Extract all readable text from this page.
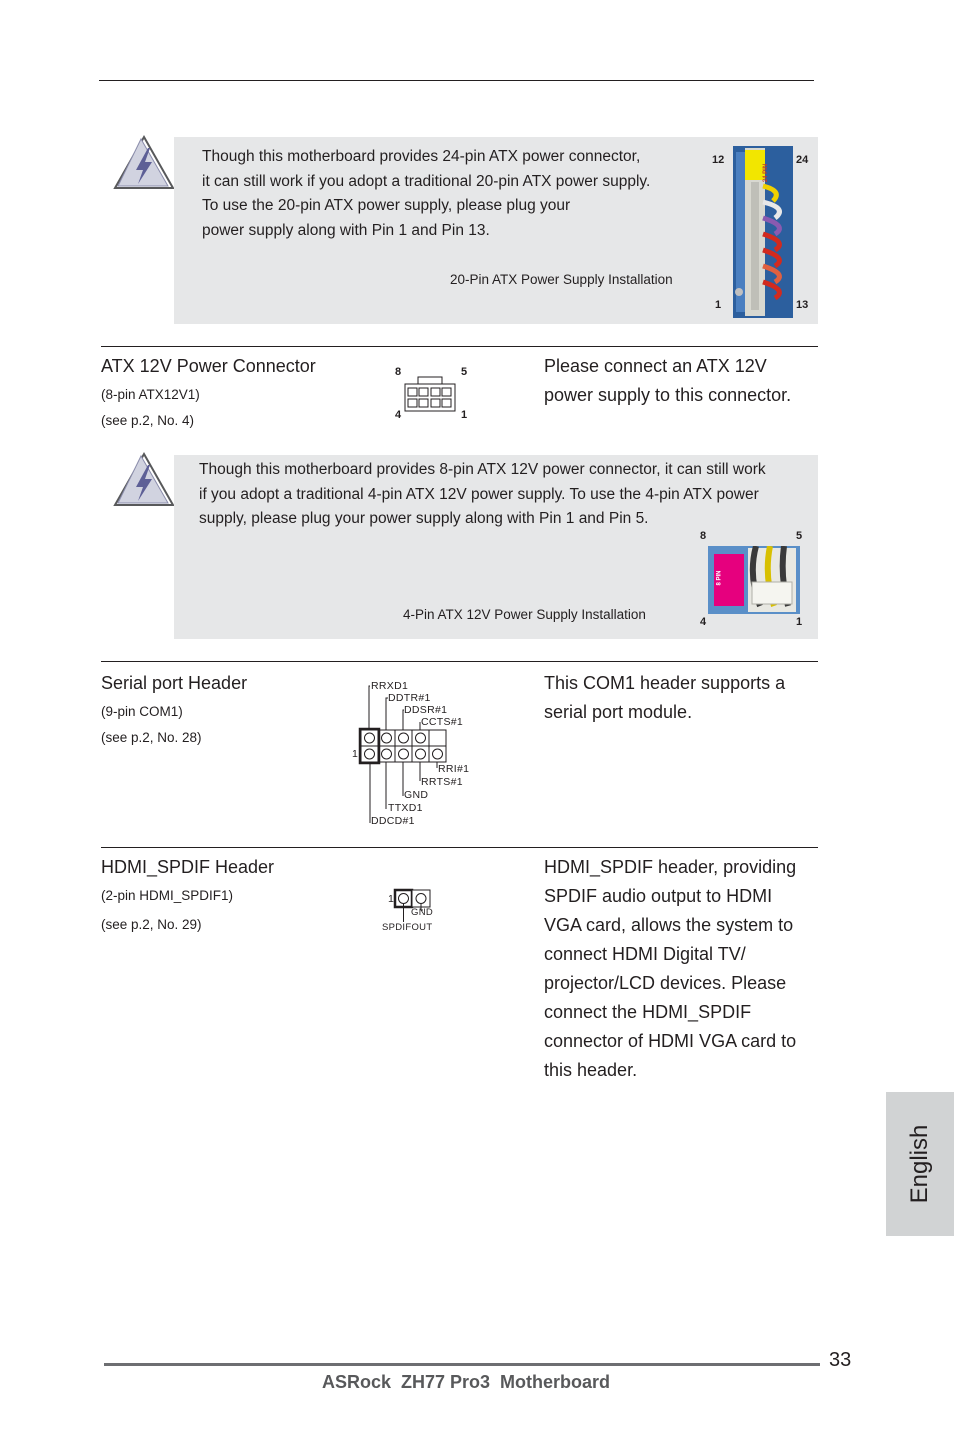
Though this motherboard provides 24-pin ATX power connector,
it can still work if you adopt a traditional 20-pin ATX power supply.
To use the 20-pin ATX power supply, please plug your
power supply along with Pin 1 and Pin 13.
20-Pin ATX Power Supply Installation
12	24
1	13
24 PIN
ATX 12V Power Connector
(8-pin ATX12V1)
(see p.2, No. 4)
8	5
4	1
Please connect an ATX 12V
power supply to this connector.
Though this motherboard provides 8-pin ATX 12V power connector, it can still work
if you adopt a traditional 4-pin ATX 12V power supply. To use the 4-pin ATX power
supply, please plug your power supply along with Pin 1 and Pin 5.
4-Pin ATX 12V Power Supply Installation
8	5
4	1
8 PIN
Serial port Header
(9-pin COM1)
(see p.2, No. 28)
1
RRXD1
DDTR#1
DDSR#1
CCTS#1
RRI#1
RRTS#1
GND
TTXD1
DDCD#1
This COM1 header supports a
serial port module.
HDMI_SPDIF Header
(2-pin HDMI_SPDIF1)
(see p.2, No. 29)
1
GND
SPDIFOUT
HDMI_SPDIF header, providing
SPDIF audio output to HDMI
VGA card, allows the system to
connect HDMI Digital TV/
projector/LCD devices. Please
connect the HDMI_SPDIF
connector of HDMI VGA card to
this header.
English
33
ASRock  ZH77 Pro3  Motherboard
